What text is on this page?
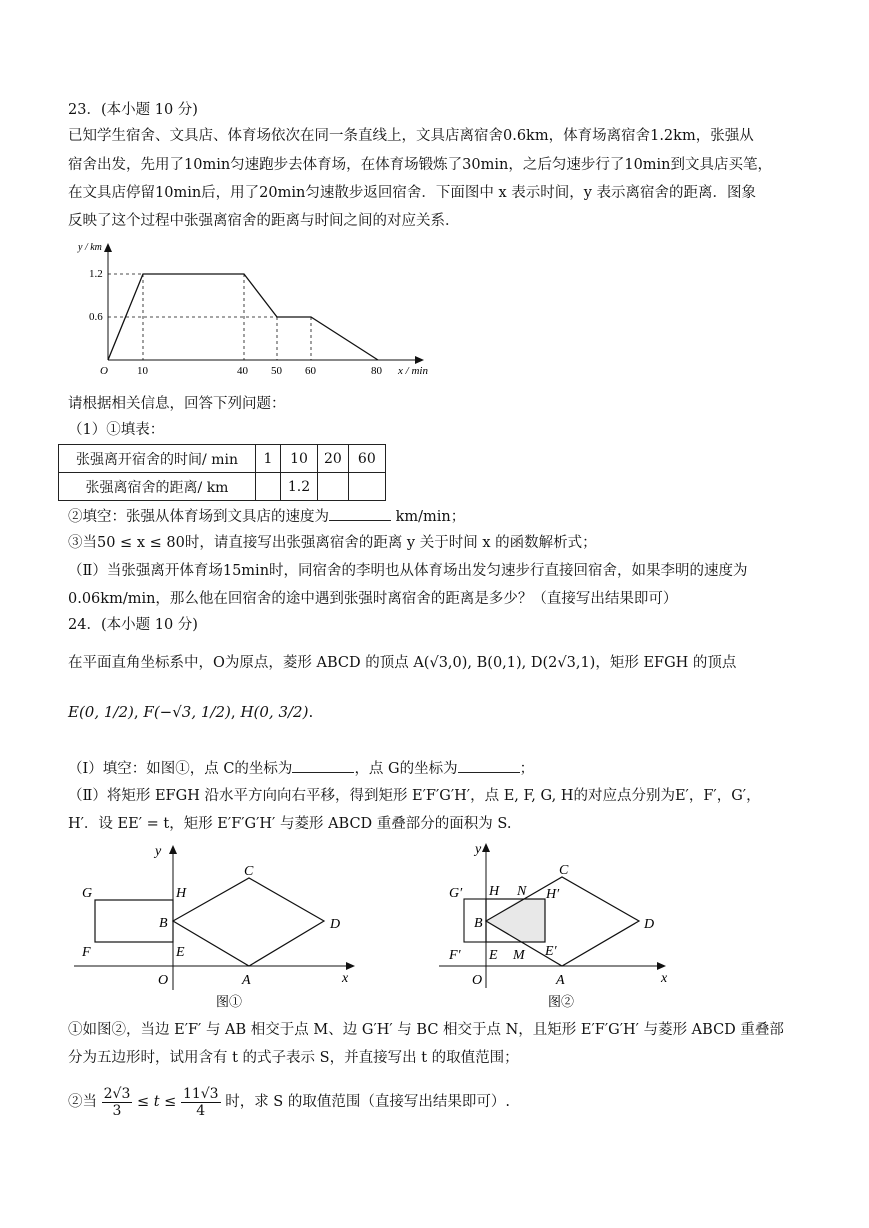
23．(本小题 10 分)
已知学生宿舍、文具店、体育场依次在同一条直线上，文具店离宿舍0.6km，体育场离宿舍1.2km，张强从
宿舍出发，先用了10min匀速跑步去体育场，在体育场锻炼了30min，之后匀速步行了10min到文具店买笔，
在文具店停留10min后，用了20min匀速散步返回宿舍．下面图中 x 表示时间，y 表示离宿舍的距离．图象
反映了这个过程中张强离宿舍的距离与时间之间的对应关系．
y / km
1.2
0.6
O	10	40 50 60	80 x / min
请根据相关信息，回答下列问题：
（1）①填表：
张强离开宿舍的时间/ min	1	10	20	60
张强离宿舍的距离/ km		1.2		
②填空：张强从体育场到文具店的速度为	km/min；
③当50 ≤ x ≤ 80时，请直接写出张强离宿舍的距离 y 关于时间 x 的函数解析式；
（Ⅱ）当张强离开体育场15min时，同宿舍的李明也从体育场出发匀速步行直接回宿舍，如果李明的速度为
0.06km/min，那么他在回宿舍的途中遇到张强时离宿舍的距离是多少？（直接写出结果即可）
24．(本小题 10 分)
在平面直角坐标系中，O为原点，菱形 ABCD 的顶点 A(√3,0), B(0,1), D(2√3,1)，矩形 EFGH 的顶点
E(0, 1/2), F(−√3, 1/2), H(0, 3/2).
（Ⅰ）填空：如图①，点 C的坐标为	，点 G的坐标为	；
（Ⅱ）将矩形 EFGH 沿水平方向向右平移，得到矩形 E′F′G′H′，点 E, F, G, H的对应点分别为E′，F′，G′，
H′．设 EE′ = t，矩形 E′F′G′H′ 与菱形 ABCD 重叠部分的面积为 S.
y
x
O	A
B
C
D
E
F
G	H
图①
y
x
O	A
B
C
D
E	E′
F′
G′ H	H′
M
N
图②
①如图②，当边 E′F′ 与 AB 相交于点 M、边 G′H′ 与 BC 相交于点 N，且矩形 E′F′G′H′ 与菱形 ABCD 重叠部
分为五边形时，试用含有 t 的式子表示 S，并直接写出 t 的取值范围；
②当 $\frac{2√3}{3} \le t \le \frac{11√3}{4}$ 时，求 S 的取值范围（直接写出结果即可）.
